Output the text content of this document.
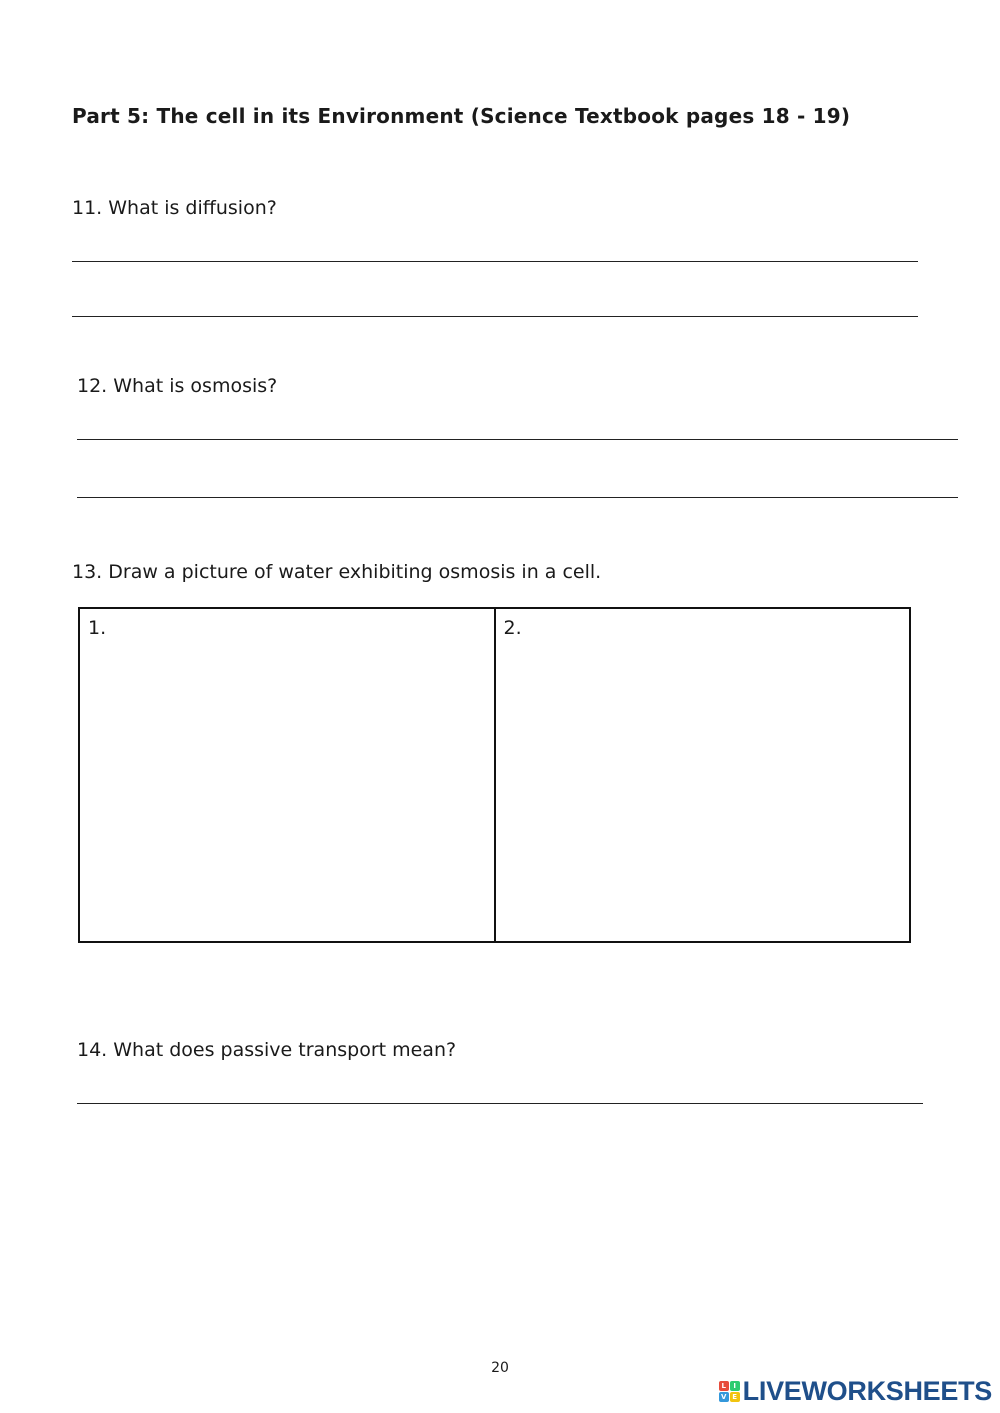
Part 5: The cell in its Environment (Science Textbook pages 18 - 19)
11. What is diffusion?
12. What is osmosis?
13. Draw a picture of water exhibiting osmosis in a cell.
1.	2.
14. What does passive transport mean?
20
L	I
V E LIVEWORKSHEETS
